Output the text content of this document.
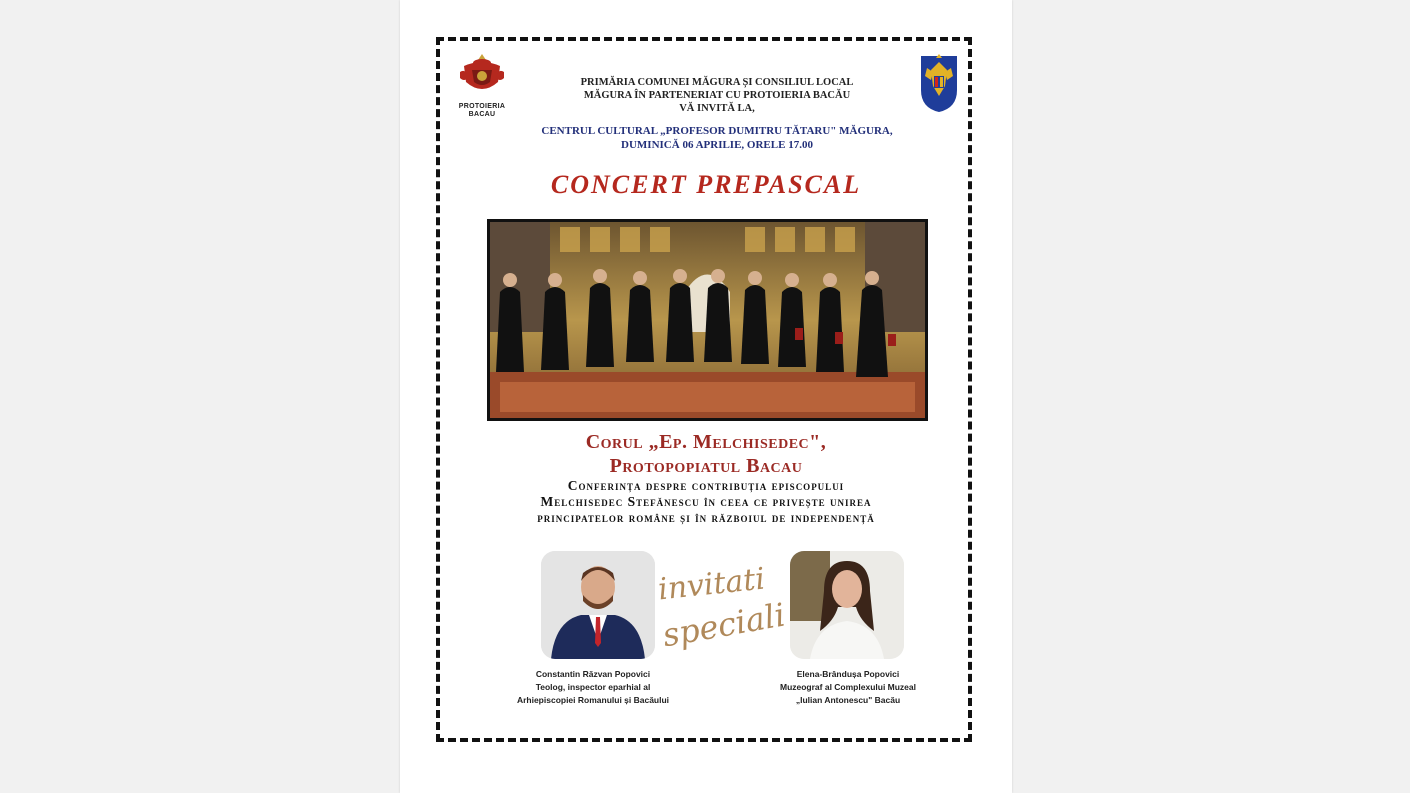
PROTOIERIA
BACAU
PRIMĂRIA COMUNEI MĂGURA ȘI CONSILIUL LOCAL
MĂGURA ÎN PARTENERIAT CU PROTOIERIA BACĂU
VĂ INVITĂ LA,
CENTRUL CULTURAL „PROFESOR DUMITRU TĂTARU" MĂGURA,
DUMINICĂ 06 APRILIE, ORELE 17.00
CONCERT PREPASCAL
Corul „Ep. Melchisedec",
Protopopiatul Bacau
Conferința despre contribuția episcopului
Melchisedec Stefănescu în ceea ce privește unirea
principatelor române și în războiul de independență
invitati
speciali
Constantin Răzvan Popovici
Teolog, inspector eparhial al
Arhiepiscopiei Romanului și Bacăului
Elena-Brândușa Popovici
Muzeograf al Complexului Muzeal
„Iulian Antonescu" Bacău
